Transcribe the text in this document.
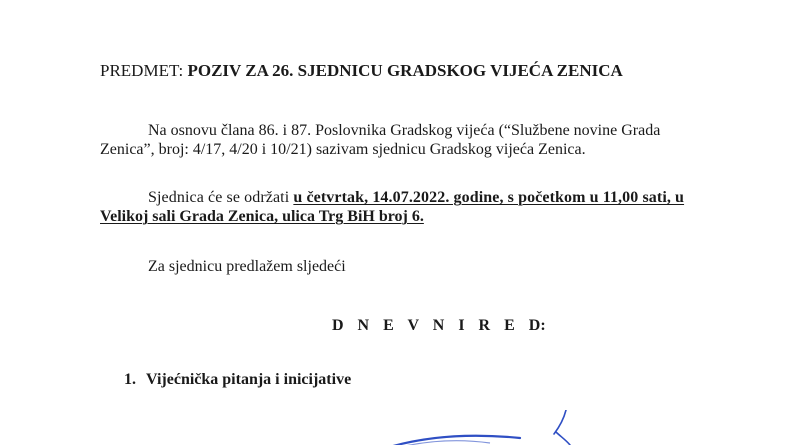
PREDMET: POZIV ZA 26. SJEDNICU GRADSKOG VIJEĆA ZENICA
Na osnovu člana 86. i 87. Poslovnika Gradskog vijeća (“Službene novine Grada
Zenica”, broj: 4/17, 4/20 i 10/21) sazivam sjednicu Gradskog vijeća Zenica.
Sjednica će se održati u četvrtak, 14.07.2022. godine, s početkom u 11,00 sati, u
Velikoj sali Grada Zenica, ulica Trg BiH broj 6.
Za sjednicu predlažem sljedeći
D N E V N I R E D:
1. Vijećnička pitanja i inicijative
